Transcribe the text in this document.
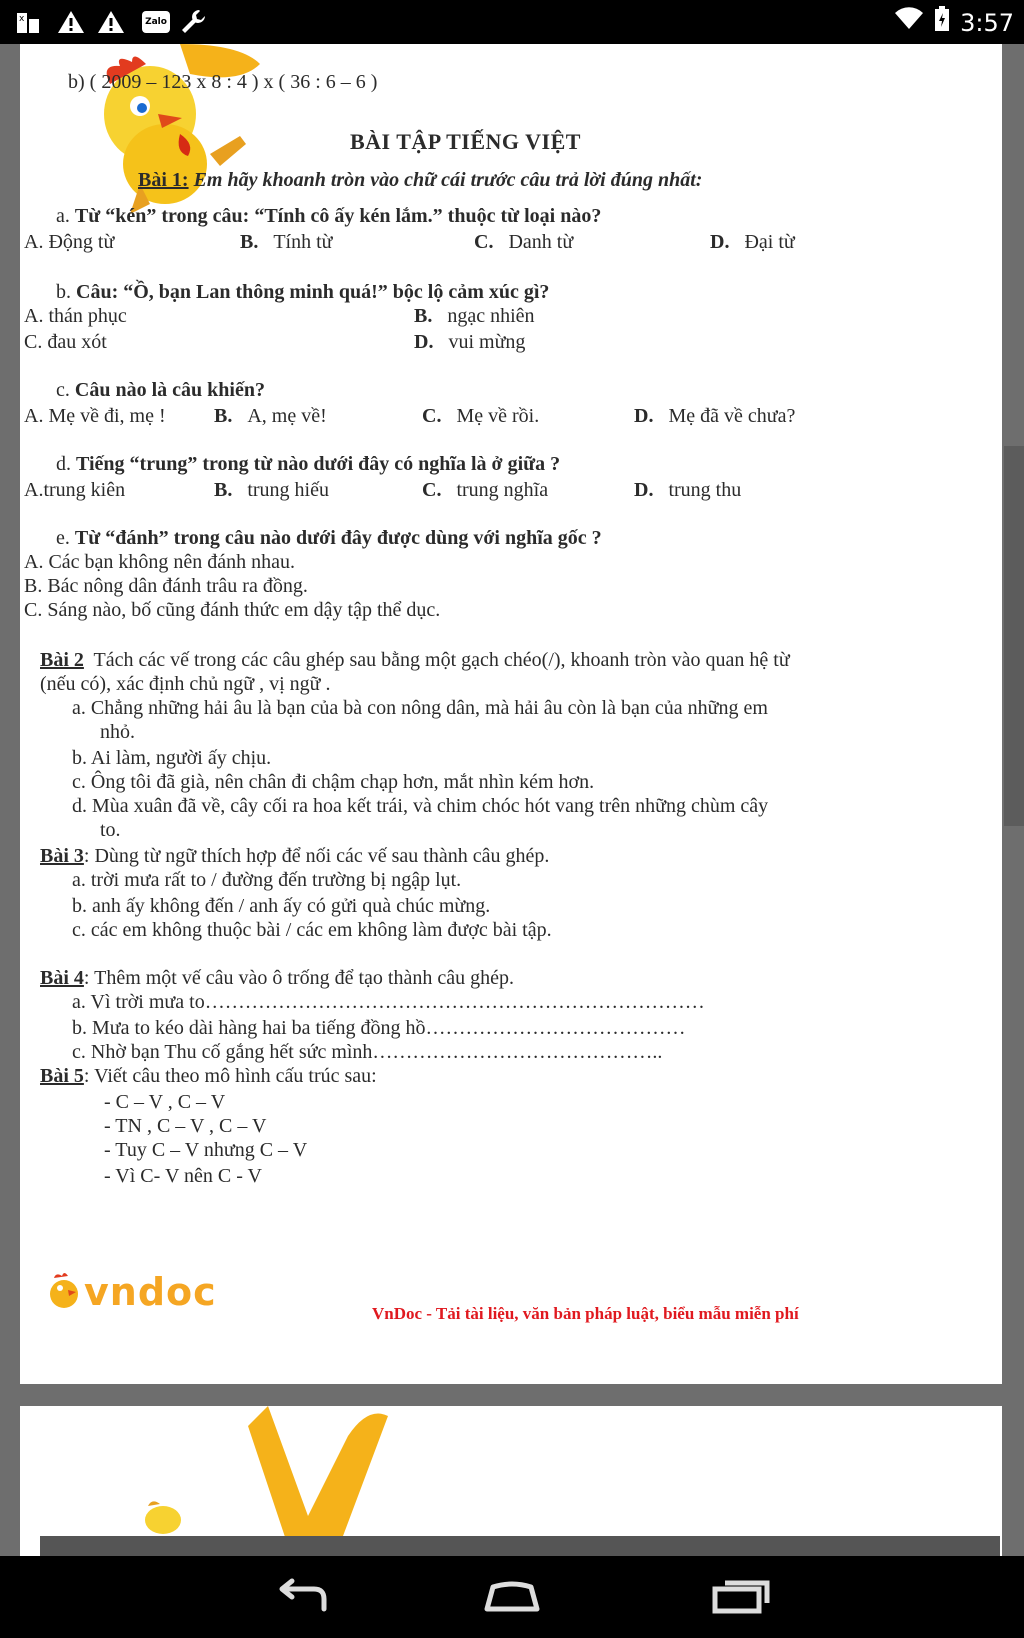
x	Zalo	3:57
b) ( 2009 – 123 x 8 : 4 ) x ( 36 : 6 – 6 )
BÀI TẬP TIẾNG VIỆT
Bài 1: Em hãy khoanh tròn vào chữ cái trước câu trả lời đúng nhất:
a. Từ “kén” trong câu: “Tính cô ấy kén lắm.” thuộc từ loại nào?
A. Động từ	B. Tính từ	C. Danh từ	D. Đại từ
b. Câu: “Ồ, bạn Lan thông minh quá!” bộc lộ cảm xúc gì?
A. thán phục	B. ngạc nhiên
C. đau xót	D. vui mừng
c. Câu nào là câu khiến?
A. Mẹ về đi, mẹ ! B. A, mẹ về!	C. Mẹ về rồi.	D. Mẹ đã về chưa?
d. Tiếng “trung” trong từ nào dưới đây có nghĩa là ở giữa ?
A.trung kiên	B. trung hiếu	C. trung nghĩa	D. trung thu
e. Từ “đánh” trong câu nào dưới đây được dùng với nghĩa gốc ?
A. Các bạn không nên đánh nhau.
B. Bác nông dân đánh trâu ra đồng.
C. Sáng nào, bố cũng đánh thức em dậy tập thể dục.
Bài 2 Tách các vế trong các câu ghép sau bằng một gạch chéo(/), khoanh tròn vào quan hệ từ
(nếu có), xác định chủ ngữ , vị ngữ .
a. Chẳng những hải âu là bạn của bà con nông dân, mà hải âu còn là bạn của những em
nhỏ.
b. Ai làm, người ấy chịu.
c. Ông tôi đã già, nên chân đi chậm chạp hơn, mắt nhìn kém hơn.
d. Mùa xuân đã về, cây cối ra hoa kết trái, và chim chóc hót vang trên những chùm cây
to.
Bài 3: Dùng từ ngữ thích hợp để nối các vế sau thành câu ghép.
a. trời mưa rất to / đường đến trường bị ngập lụt.
b. anh ấy không đến / anh ấy có gửi quà chúc mừng.
c. các em không thuộc bài / các em không làm được bài tập.
Bài 4: Thêm một vế câu vào ô trống để tạo thành câu ghép.
a. Vì trời mưa to…………………………………………………………………
b. Mưa to kéo dài hàng hai ba tiếng đồng hồ…………………………………
c. Nhờ bạn Thu cố gắng hết sức mình……………………………………..
Bài 5: Viết câu theo mô hình cấu trúc sau:
- C – V , C – V
- TN , C – V , C – V
- Tuy C – V nhưng C – V
- Vì C- V nên C - V
vndoc	VnDoc - Tải tài liệu, văn bản pháp luật, biểu mẫu miễn phí
